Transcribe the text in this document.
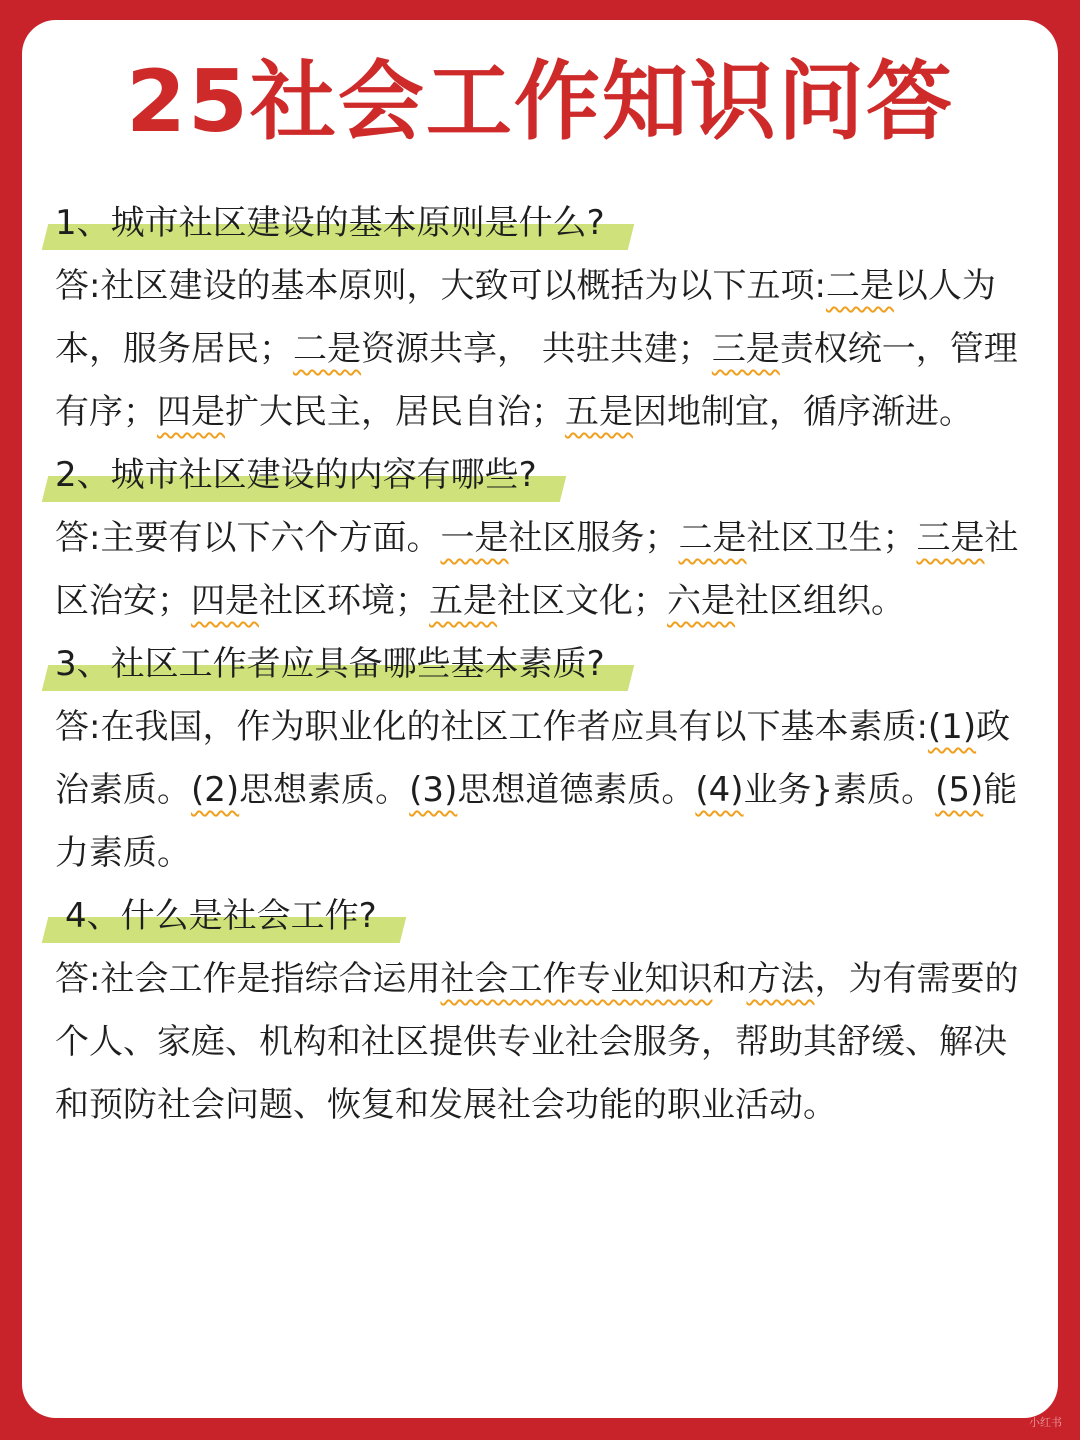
25社会工作知识问答

1、城市社区建设的基本原则是什么?

答:社区建设的基本原则，大致可以概括为以下五项:二是以人为本，服务居民；二是资源共享， 共驻共建；三是责权统一，管理有序；四是扩大民主，居民自治；五是因地制宜，循序渐进。

2、城市社区建设的内容有哪些?

答:主要有以下六个方面。一是社区服务；二是社区卫生；三是社区治安；四是社区环境；五是社区文化；六是社区组织。

3、社区工作者应具备哪些基本素质?

答:在我国，作为职业化的社区工作者应具有以下基本素质:(1)政治素质。(2)思想素质。(3)思想道德素质。(4)业务}素质。(5)能力素质。

4、什么是社会工作?

答:社会工作是指综合运用社会工作专业知识和方法，为有需要的个人、家庭、机构和社区提供专业社会服务，帮助其舒缓、解决和预防社会问题、恢复和发展社会功能的职业活动。

小红书
